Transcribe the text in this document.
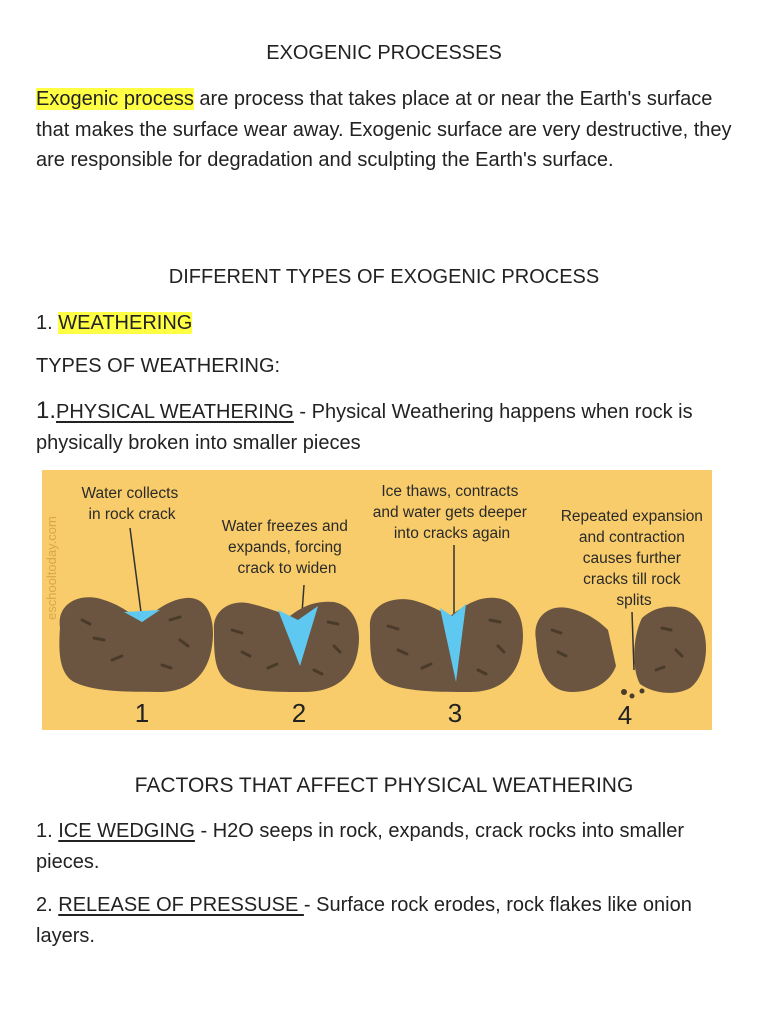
EXOGENIC PROCESSES
Exogenic process are process that takes place at or near the Earth's surface that makes the surface wear away. Exogenic surface are very destructive, they are responsible for degradation and sculpting the Earth's surface.
DIFFERENT TYPES OF EXOGENIC PROCESS
1. WEATHERING
TYPES OF WEATHERING:
1.PHYSICAL WEATHERING - Physical Weathering happens when rock is physically broken into smaller pieces
eschooltoday.com
Water collects in rock crack
Water freezes and expands, forcing crack to widen
Ice thaws, contracts and water gets deeper into cracks again
Repeated expansion and contraction causes further cracks till rock splits
1	2	3	4
FACTORS THAT AFFECT PHYSICAL WEATHERING
1. ICE WEDGING - H2O seeps in rock, expands, crack rocks into smaller pieces.
2. RELEASE OF PRESSUSE - Surface rock erodes, rock flakes like onion layers.
